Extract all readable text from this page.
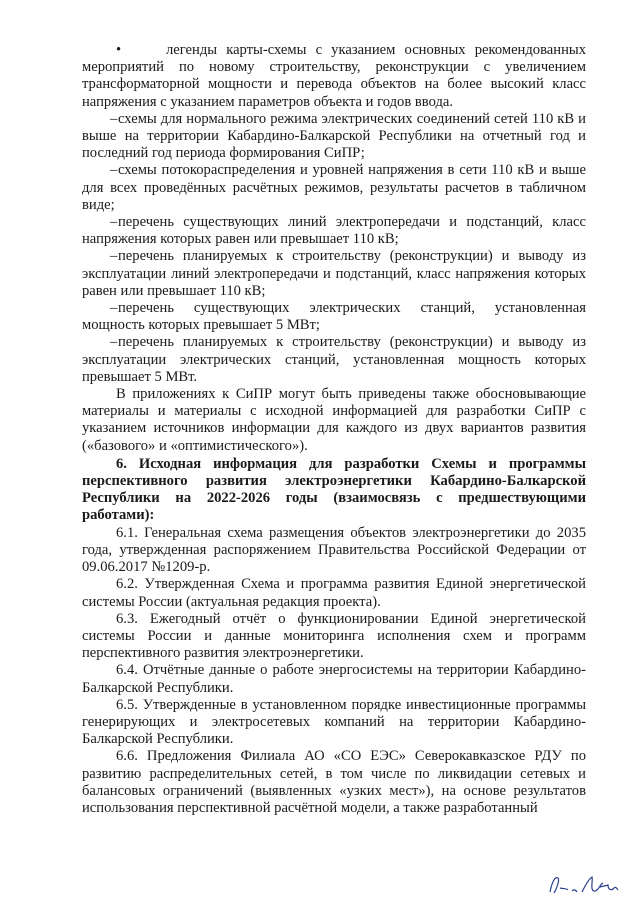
•	легенды карты-схемы с указанием основных рекомендованных мероприятий по новому строительству, реконструкции с увеличением трансформаторной мощности и перевода объектов на более высокий класс напряжения с указанием параметров объекта и годов ввода.

–схемы для нормального режима электрических соединений сетей 110 кВ и выше на территории Кабардино-Балкарской Республики на отчетный год и последний год периода формирования СиПР;

–схемы потокораспределения и уровней напряжения в сети 110 кВ и выше для всех проведённых расчётных режимов, результаты расчетов в табличном виде;

–перечень существующих линий электропередачи и подстанций, класс напряжения которых равен или превышает 110 кВ;

–перечень планируемых к строительству (реконструкции) и выводу из эксплуатации линий электропередачи и подстанций, класс напряжения которых равен или превышает 110 кВ;

–перечень существующих электрических станций, установленная мощность которых превышает 5 МВт;

–перечень планируемых к строительству (реконструкции) и выводу из эксплуатации электрических станций, установленная мощность которых превышает 5 МВт.

В приложениях к СиПР могут быть приведены также обосновывающие материалы и материалы с исходной информацией для разработки СиПР с указанием источников информации для каждого из двух вариантов развития («базового» и «оптимистического»).

6. Исходная информация для разработки Схемы и программы перспективного развития электроэнергетики Кабардино-Балкарской Республики на 2022-2026 годы (взаимосвязь с предшествующими работами):

6.1. Генеральная схема размещения объектов электроэнергетики до 2035 года, утвержденная распоряжением Правительства Российской Федерации от 09.06.2017 №1209-р.

6.2. Утвержденная Схема и программа развития Единой энергетической системы России (актуальная редакция проекта).

6.3. Ежегодный отчёт о функционировании Единой энергетической системы России и данные мониторинга исполнения схем и программ перспективного развития электроэнергетики.

6.4. Отчётные данные о работе энергосистемы на территории Кабардино-Балкарской Республики.

6.5. Утвержденные в установленном порядке инвестиционные программы генерирующих и электросетевых компаний на территории Кабардино-Балкарской Республики.

6.6. Предложения Филиала АО «СО ЕЭС» Северокавказское РДУ по развитию распределительных сетей, в том числе по ликвидации сетевых и балансовых ограничений (выявленных «узких мест»), на основе результатов использования перспективной расчётной модели, а также разработанный
